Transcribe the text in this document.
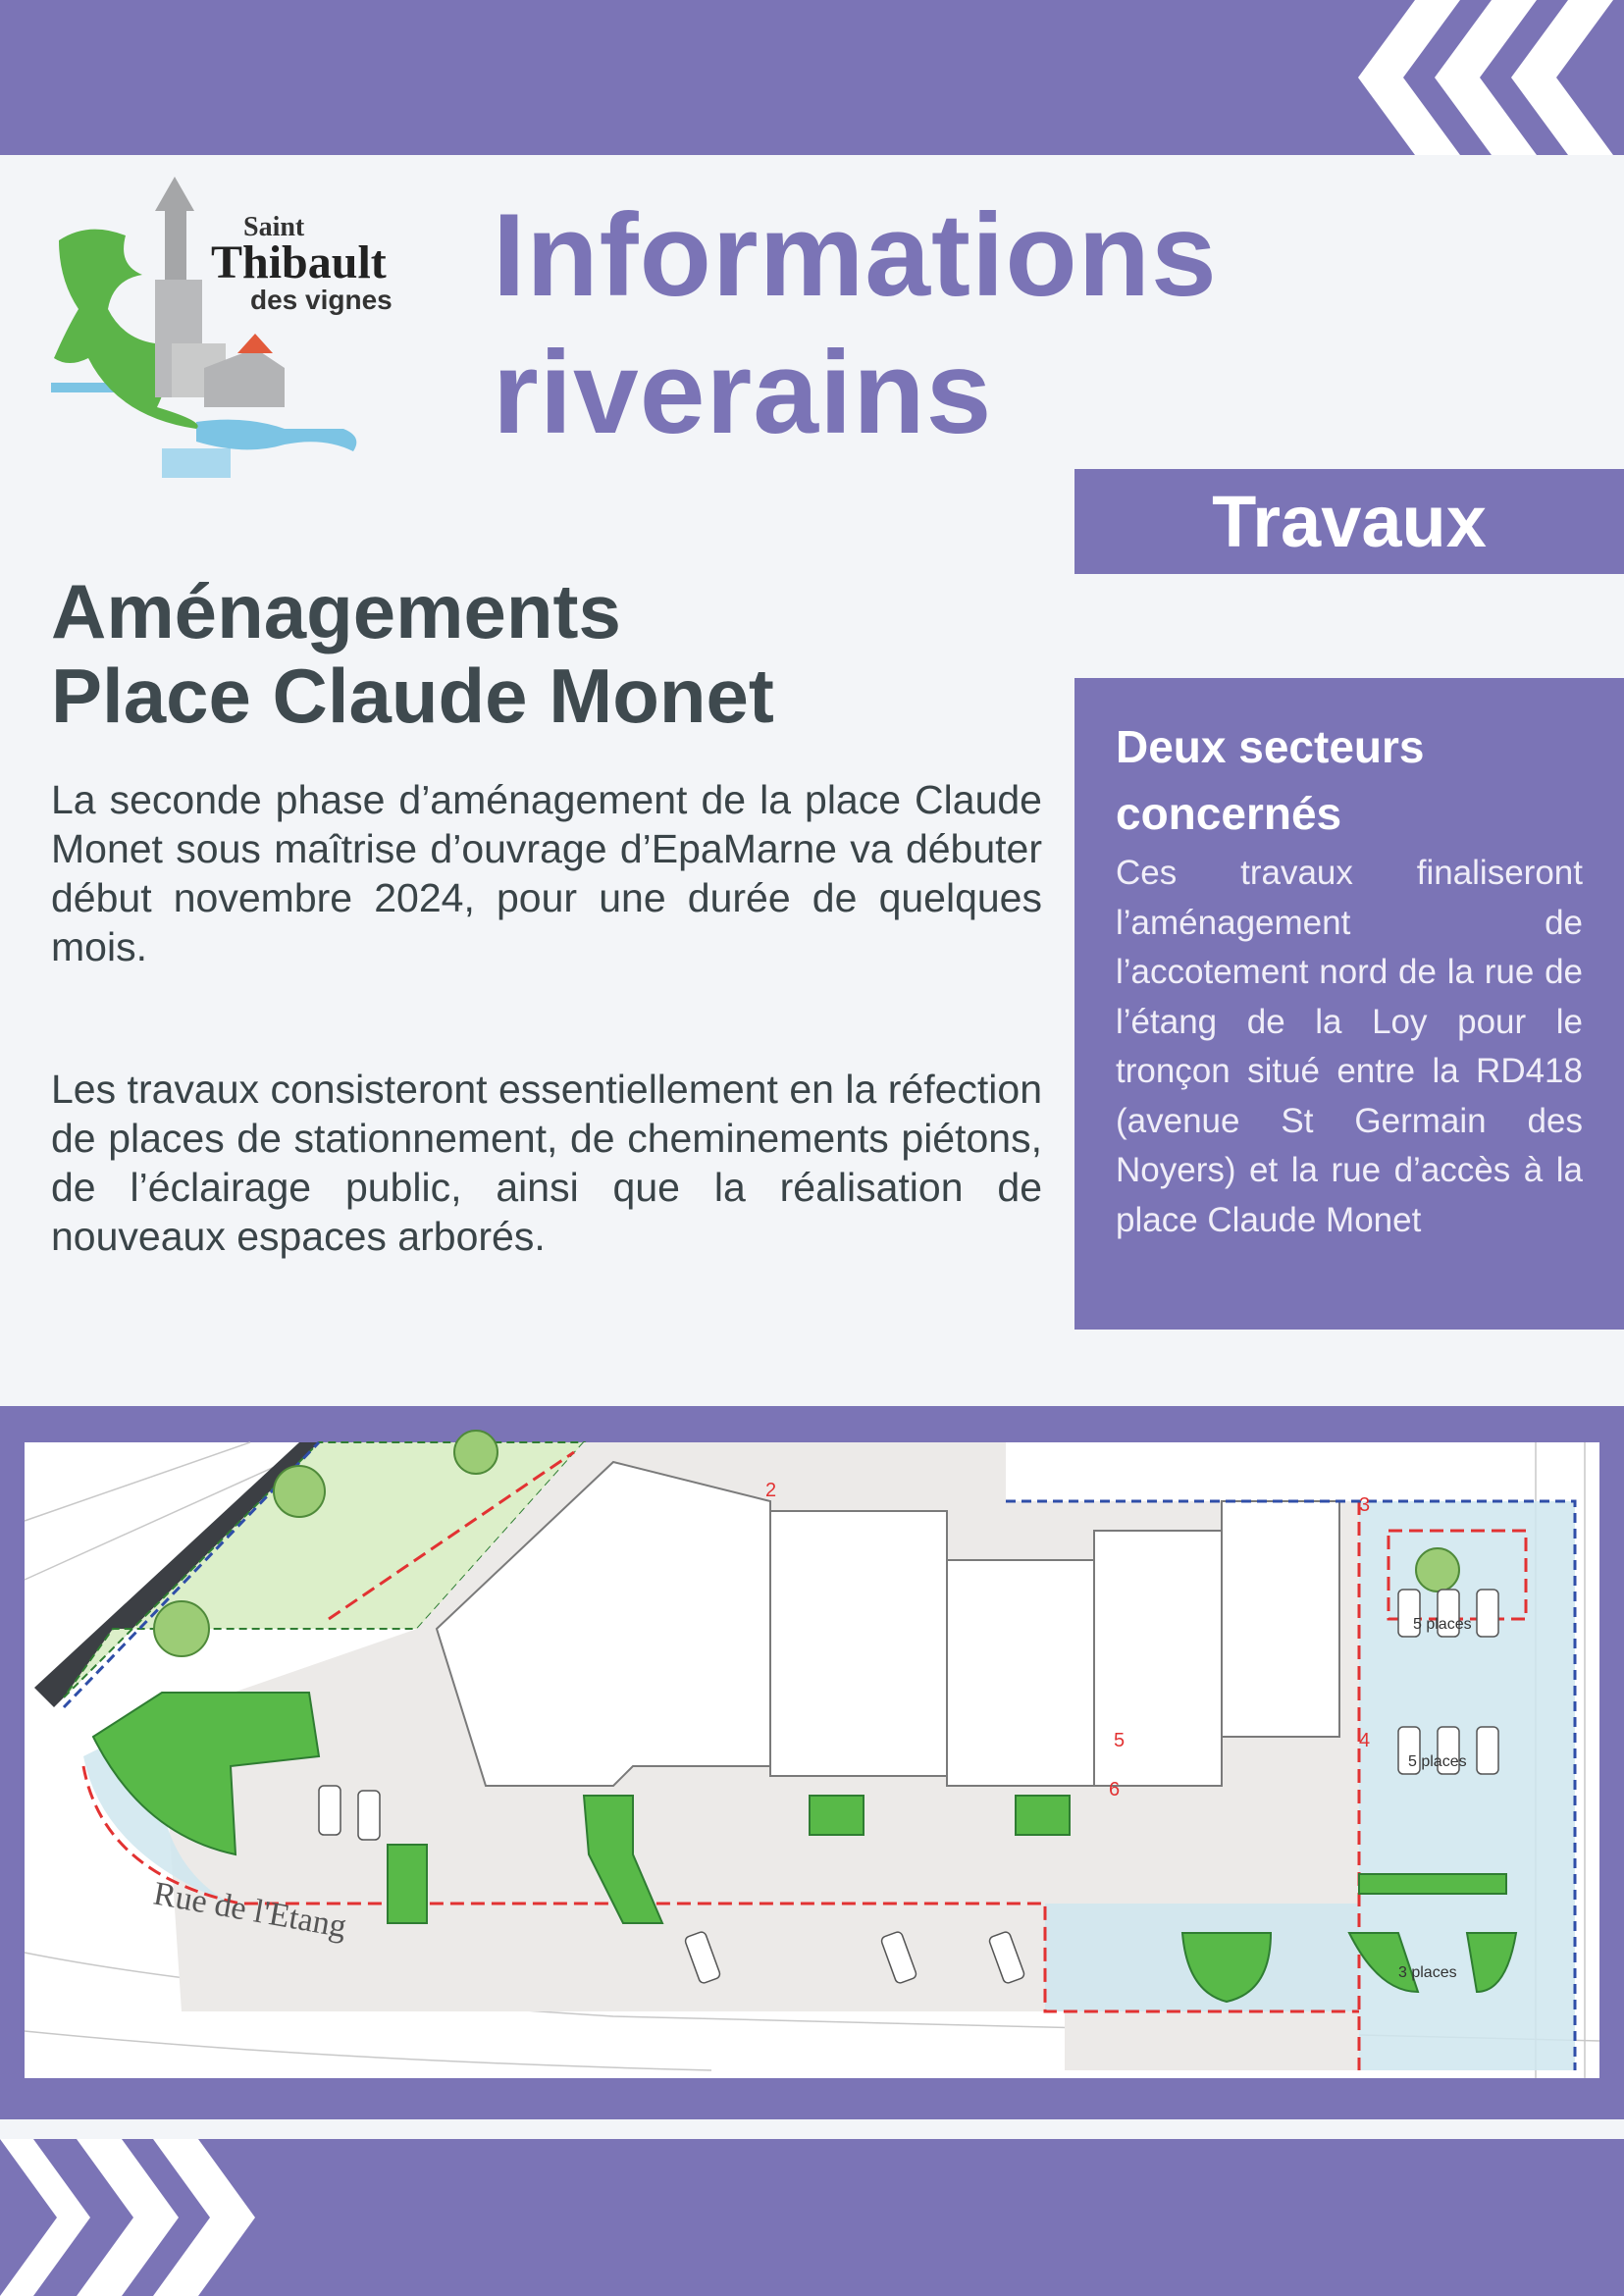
Saint
Thibault
des vignes Informations
riverains
Travaux
Aménagements
Place Claude Monet

La seconde phase d’aménagement de la place Claude Monet sous maîtrise d’ouvrage d’EpaMarne va débuter début novembre 2024, pour une durée de quelques mois.

Les travaux consisteront essentiellement en la réfection de places de stationnement, de cheminements piétons, de l’éclairage public, ainsi que la réalisation de nouveaux espaces arborés.

Deux secteurs concernés

Ces travaux finaliseront l’aménagement de l’accotement nord de la rue de l’étang de la Loy pour le tronçon situé entre la RD418 (avenue St Germain des Noyers) et la rue d’accès à la place Claude Monet

Rue de l'Etang
5 places
5 places
3 places
2
3
4
5
6
